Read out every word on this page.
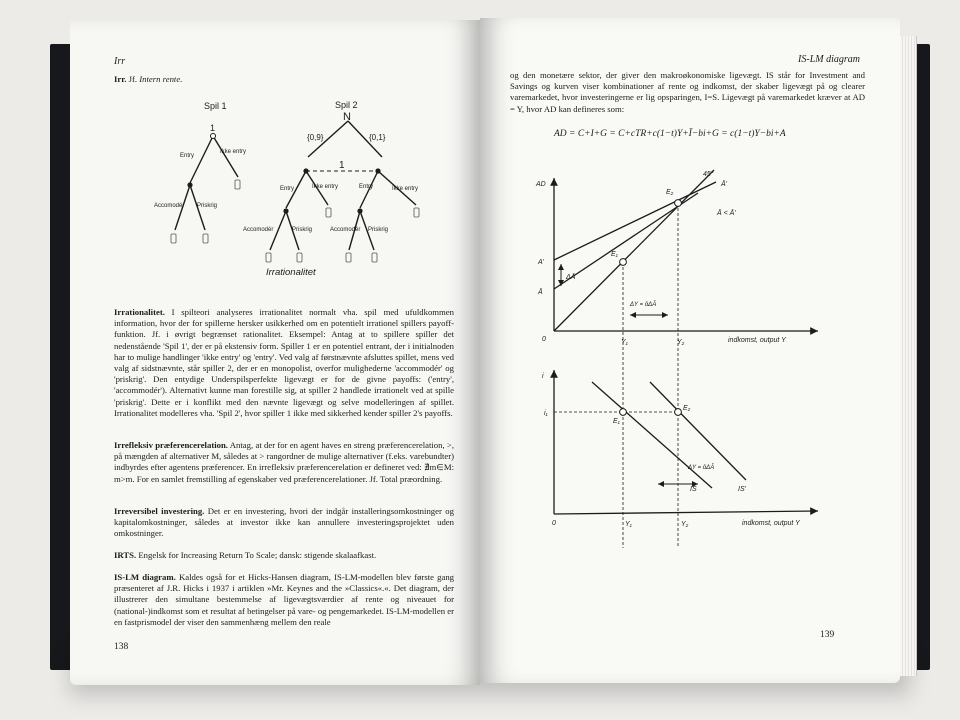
Irr

Irr. Jf. Intern rente.

Spil 1
1
Spil 2
N
{0,9}	{0,1}
1
Entry
Ikke entry
Accomodér Priskrig
Entry	Ikke entry	Entry	Ikke entry
Accomodér	Priskrig	Accomodér Priskrig
Irrationalitet

Irrationalitet. I spilteori analyseres irrationalitet normalt vha. spil med ufuldkommen information, hvor der for spillerne hersker usikkerhed om en potentielt irrationel spillers payoff-funktion. Jf. i øvrigt begrænset rationalitet. Eksempel: Antag at to spillere spiller det nedenstående 'Spil 1', der er på ekstensiv form. Spiller 1 er en potentiel entrant, der i initialnoden har to mulige handlinger 'ikke entry' og 'entry'. Ved valg af førstnævnte afsluttes spillet, mens ved valg af sidstnævnte, står spiller 2, der er en monopolist, overfor mulighederne 'accommodér' og 'priskrig'. Den entydige Underspilsperfekte ligevægt er for de givne payoffs: ('entry', 'accommodér'). Alternativt kunne man forestille sig, at spiller 2 handlede irrationelt ved at spille 'priskrig'. Dette er i konflikt med den nævnte ligevægt og selve modelleringen af spillet. Irrationalitet modelleres vha. 'Spil 2', hvor spiller 1 ikke med sikkerhed kender spiller 2's payoffs.

Irrefleksiv præferencerelation. Antag, at der for en agent haves en streng præferencerelation, >, på mængden af alternativer M, således at > rangordner de mulige alternativer (f.eks. varebundter) indbyrdes efter agentens præferencer. En irrefleksiv præferencerelation er defineret ved: ∄m∈M: m>m. For en samlet fremstilling af egenskaber ved præferencerelationer. Jf. Total præordning.

Irreversibel investering. Det er en investering, hvori der indgår installeringsomkostninger og kapitalomkostninger, således at investor ikke kan annullere investeringsprojektet uden omkostninger.

IRTS. Engelsk for Increasing Return To Scale; dansk: stigende skalaafkast.

IS-LM diagram. Kaldes også for et Hicks-Hansen diagram, IS-LM-modellen blev første gang præsenteret af J.R. Hicks i 1937 i artiklen »Mr. Keynes and the »Classics«.«. Det diagram, der illustrerer den simultane bestemmelse af ligevægtsværdier af rente og niveauet for (national-)indkomst som et resultat af betingelser på vare- og pengemarkedet. IS-LM-modellen er en fastprismodel der viser den sammenhæng mellem den reale

138
IS-LM diagram
og den monetære sektor, der giver den makroøkonomiske ligevægt. IS står for Investment and Savings og kurven viser kombinationer af rente og indkomst, der skaber ligevægt på og clearer varemarkedet, hvor investeringerne er lig opsparingen, I=S. Ligevægt på varemarkedet kræver at AD = Y, hvor AD kan defineres som:
AD = C+I+G = C+cTR+c(1−t)Y+Ī−bi+G = c(1−t)Y−bi+A
AD
indkomst, output Y
0
45°
Ā'
Ā < Ā'
A'
Ā
ΔĀ
ΔY = ᾱΔĀ
E₁
E₂
Y₁	Y₂
i
indkomst, output Y
0
i₁
E₁
E₂
IS	IS'
ΔY = ᾱΔĀ
Y₁	Y₂
139
